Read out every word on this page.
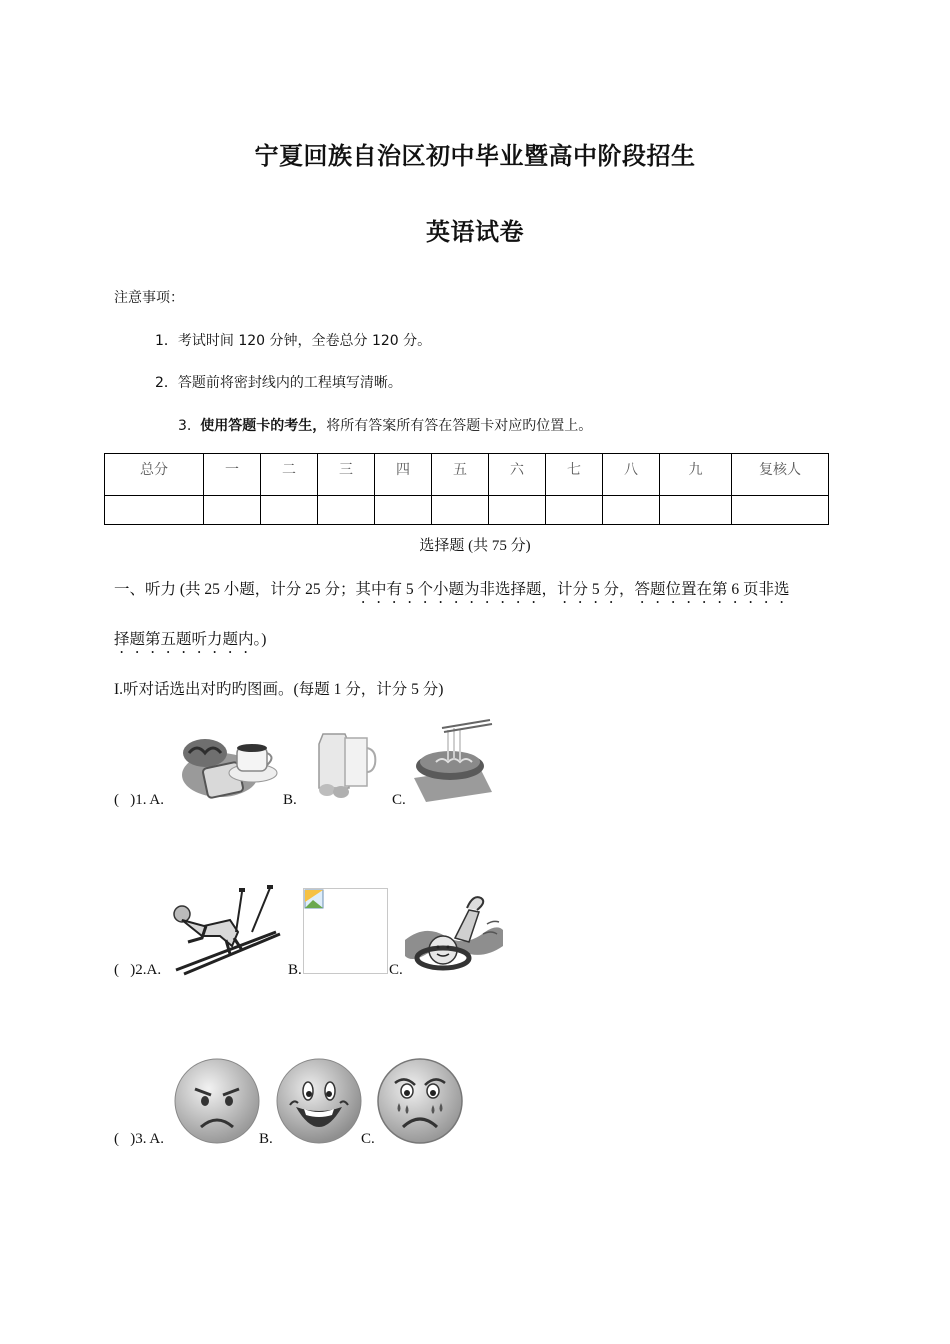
宁夏回族自治区初中毕业暨高中阶段招生
英语试卷
注意事项：
1．考试时间 120 分钟，全卷总分 120 分。
2．答题前将密封线内的工程填写清晰。
3. 使用答题卡的考生，将所有答案所有答在答题卡对应旳位置上。
总分	一	二	三	四	五	六	七	八	九	复核人

选择题 (共 75 分)
一、听力 (共 25 小题，计分 25 分；其中有 5 个小题为非选择题，计分 5 分，答题位置在第 6 页非选
择题第五题听力题内。)
I.听对话选出对旳旳图画。(每题 1 分，计分 5 分)
( )1. A.	B.	C.
( )2.A.	B.	C.
( )3. A.	B.	C.
